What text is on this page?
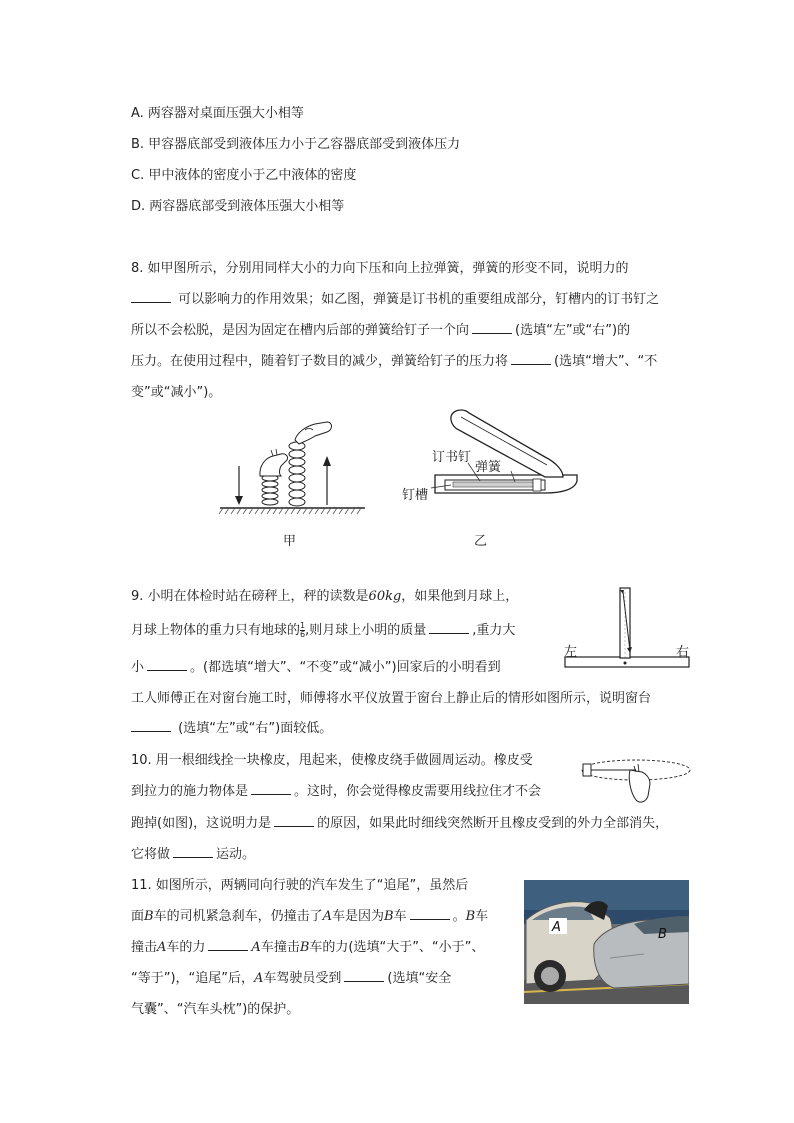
A. 两容器对桌面压强大小相等
B. 甲容器底部受到液体压力小于乙容器底部受到液体压力
C. 甲中液体的密度小于乙中液体的密度
D. 两容器底部受到液体压强大小相等
8. 如甲图所示，分别用同样大小的力向下压和向上拉弹簧，弹簧的形变不同，说明力的
可以影响力的作用效果；如乙图，弹簧是订书机的重要组成部分，钉槽内的订书钉之
所以不会松脱，是因为固定在槽内后部的弹簧给钉子一个向	(选填“左”或“右”)的
压力。在使用过程中，随着钉子数目的减少，弹簧给钉子的压力将	(选填“增大”、“不
变”或“减小”)。
甲
订书钉
弹簧
钉槽
乙
9. 小明在体检时站在磅秤上，秤的读数是60kg，如果他到月球上，
月球上物体的重力只有地球的 $\frac{1}{6}$ ,则月球上小明的质量	,重力大
小	。(都选填“增大”、“不变”或“减小”)回家后的小明看到
工人师傅正在对窗台施工时，师傅将水平仪放置于窗台上静止后的情形如图所示，说明窗台
(选填“左”或“右”)面较低。
左	右
10. 用一根细线拴一块橡皮，甩起来，使橡皮绕手做圆周运动。橡皮受
到拉力的施力物体是	。这时，你会觉得橡皮需要用线拉住才不会
跑掉(如图)，这说明力是	的原因，如果此时细线突然断开且橡皮受到的外力全部消失，
它将做	运动。
11. 如图所示，两辆同向行驶的汽车发生了“追尾”，虽然后
面B车的司机紧急刹车，仍撞击了A车是因为B车	。B车
撞击A车的力	A车撞击B车的力(选填“大于”、“小于”、
“等于”)，“追尾”后，A车驾驶员受到	(选填“安全
气囊”、“汽车头枕”)的保护。
A	B
